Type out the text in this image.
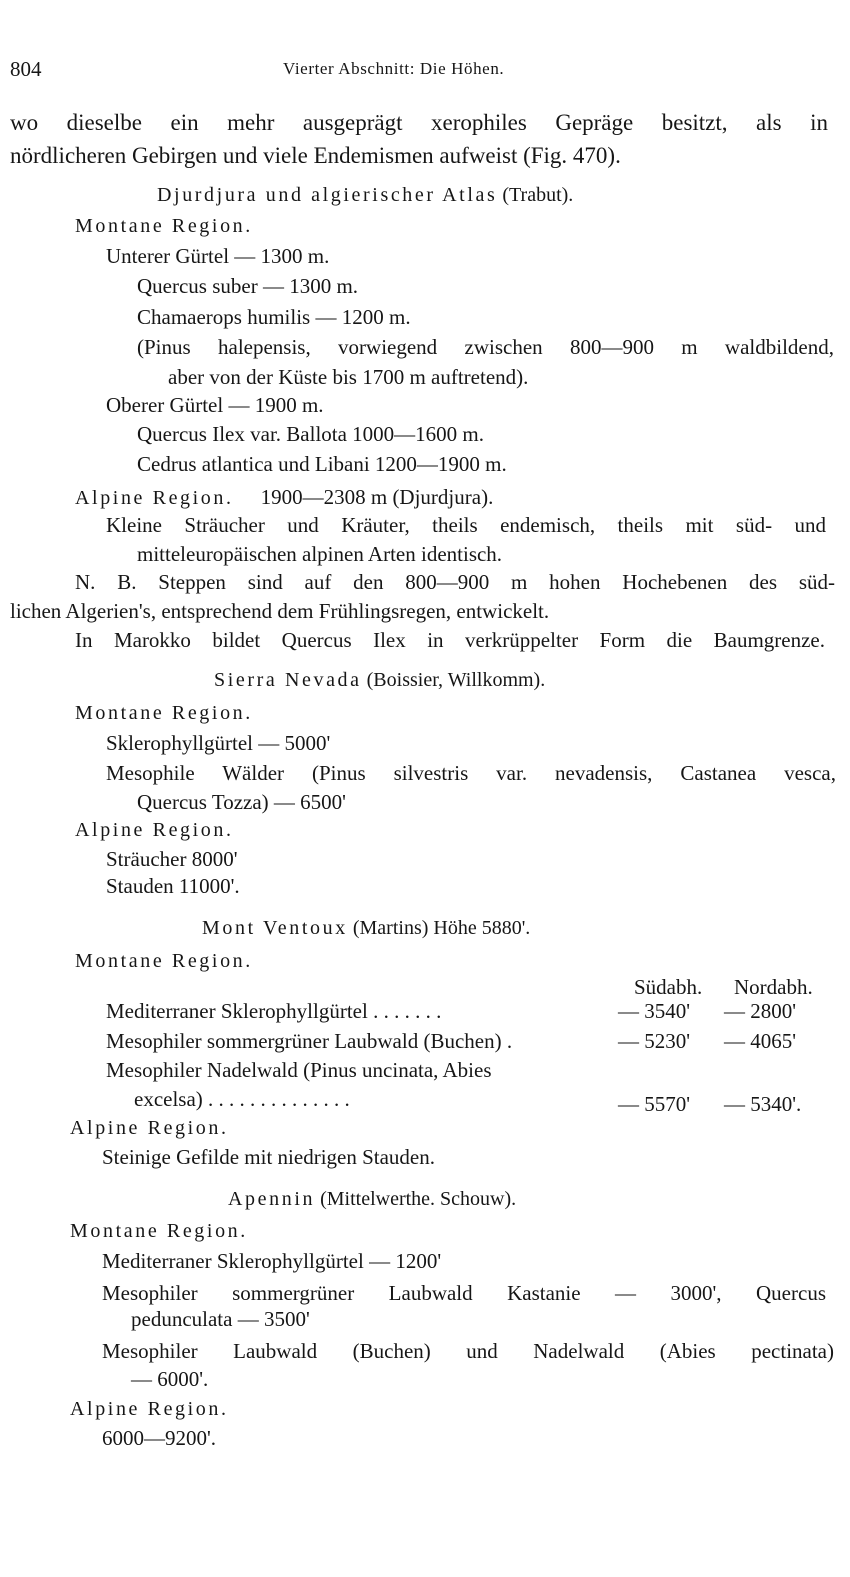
804	Vierter Abschnitt: Die Höhen.
wo dieselbe ein mehr ausgeprägt xerophiles Gepräge besitzt, als in
nördlicheren Gebirgen und viele Endemismen aufweist (Fig. 470).
Djurdjura und algierischer Atlas (Trabut).
Montane Region.
Unterer Gürtel — 1300 m.
Quercus suber — 1300 m.
Chamaerops humilis — 1200 m.
(Pinus halepensis, vorwiegend zwischen 800—900 m waldbildend,
aber von der Küste bis 1700 m auftretend).
Oberer Gürtel — 1900 m.
Quercus Ilex var. Ballota 1000—1600 m.
Cedrus atlantica und Libani 1200—1900 m.
Alpine Region. 1900—2308 m (Djurdjura).
Kleine Sträucher und Kräuter, theils endemisch, theils mit süd- und
mitteleuropäischen alpinen Arten identisch.
N. B. Steppen sind auf den 800—900 m hohen Hochebenen des süd-
lichen Algerien's, entsprechend dem Frühlingsregen, entwickelt.
In Marokko bildet Quercus Ilex in verkrüppelter Form die Baumgrenze.
Sierra Nevada (Boissier, Willkomm).
Montane Region.
Sklerophyllgürtel — 5000'
Mesophile Wälder (Pinus silvestris var. nevadensis, Castanea vesca,
Quercus Tozza) — 6500'
Alpine Region.
Sträucher 8000'
Stauden 11000'.
Mont Ventoux (Martins) Höhe 5880'.
Montane Region.
Südabh. Nordabh.
Mediterraner Sklerophyllgürtel . . . . . . .	— 3540' — 2800'
Mesophiler sommergrüner Laubwald (Buchen) .	— 5230' — 4065'
Mesophiler Nadelwald (Pinus uncinata, Abies
excelsa) . . . . . . . . . . . . . .	— 5570' — 5340'.
Alpine Region.
Steinige Gefilde mit niedrigen Stauden.
Apennin (Mittelwerthe. Schouw).
Montane Region.
Mediterraner Sklerophyllgürtel — 1200'
Mesophiler sommergrüner Laubwald Kastanie — 3000', Quercus
pedunculata — 3500'
Mesophiler Laubwald (Buchen) und Nadelwald (Abies pectinata)
— 6000'.
Alpine Region.
6000—9200'.
